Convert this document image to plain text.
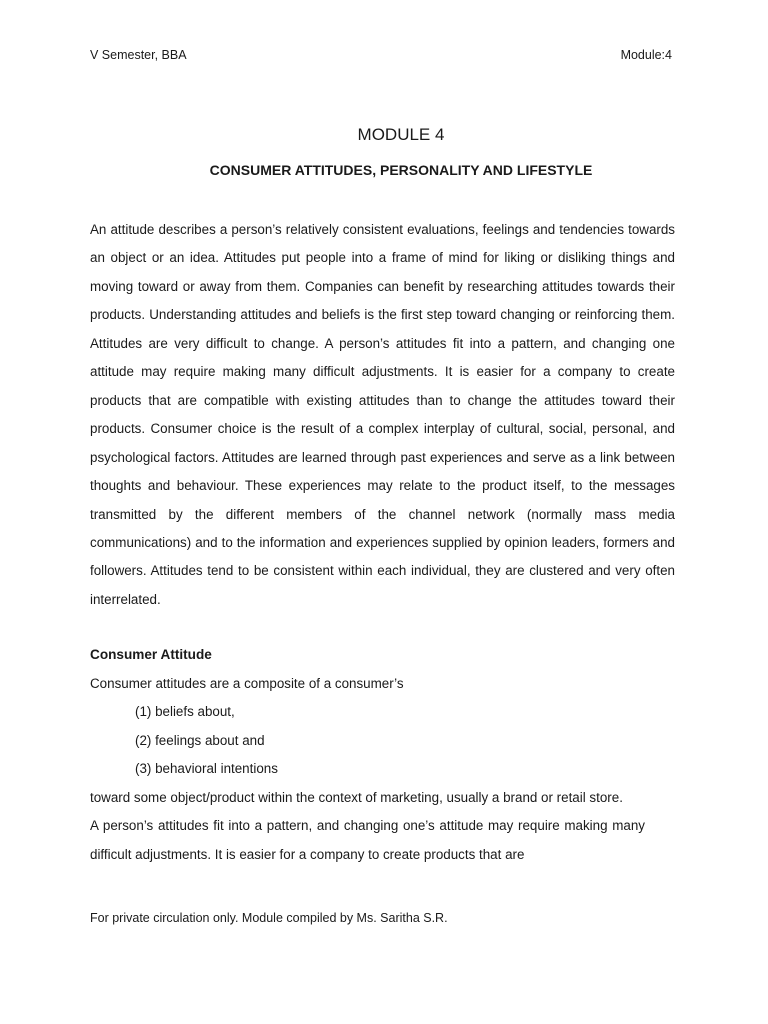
V Semester, BBA	Module:4
MODULE 4
CONSUMER ATTITUDES, PERSONALITY AND LIFESTYLE

An attitude describes a person’s relatively consistent evaluations, feelings and tendencies towards an object or an idea. Attitudes put people into a frame of mind for liking or disliking things and moving toward or away from them. Companies can benefit by researching attitudes towards their products. Understanding attitudes and beliefs is the first step toward changing or reinforcing them. Attitudes are very difficult to change. A person’s attitudes fit into a pattern, and changing one attitude may require making many difficult adjustments. It is easier for a company to create products that are compatible with existing attitudes than to change the attitudes toward their products. Consumer choice is the result of a complex interplay of cultural, social, personal, and psychological factors. Attitudes are learned through past experiences and serve as a link between thoughts and behaviour. These experiences may relate to the product itself, to the messages transmitted by the different members of the channel network (normally mass media communications) and to the information and experiences supplied by opinion leaders, formers and followers. Attitudes tend to be consistent within each individual, they are clustered and very often interrelated.

Consumer Attitude

Consumer attitudes are a composite of a consumer’s

(1) beliefs about,
(2) feelings about and
(3) behavioral intentions

toward some object/product within the context of marketing, usually a brand or retail store.

A person’s attitudes fit into a pattern, and changing one’s attitude may require making many difficult adjustments. It is easier for a company to create products that are

For private circulation only. Module compiled by Ms. Saritha S.R.
